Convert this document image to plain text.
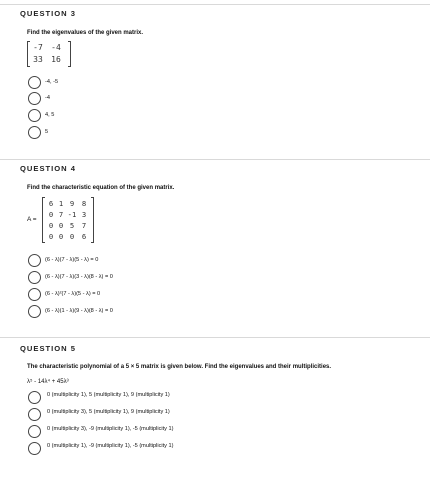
QUESTION 3
Find the eigenvalues of the given matrix.
-7 -4
33 16
-4, -5
-4
4, 5
5
QUESTION 4
Find the characteristic equation of the given matrix.
A =
6 1 9 8
0 7 -1 3
0 0 5 7
0 0 0 6
(6 - λ)(7 - λ)(5 - λ) = 0
(6 - λ)(7 - λ)(3 - λ)(8 - λ) = 0
(6 - λ)²(7 - λ)(5 - λ) = 0
(6 - λ)(1 - λ)(9 - λ)(8 - λ) = 0
QUESTION 5
The characteristic polynomial of a 5 × 5 matrix is given below. Find the eigenvalues and their multiplicities.
λ⁵ - 14λ⁴ + 45λ³
0 (multiplicity 1), 5 (multiplicity 1), 9 (multiplicity 1)
0 (multiplicity 3), 5 (multiplicity 1), 9 (multiplicity 1)
0 (multiplicity 3), -9 (multiplicity 1), -5 (multiplicity 1)
0 (multiplicity 1), -9 (multiplicity 1), -5 (multiplicity 1)
